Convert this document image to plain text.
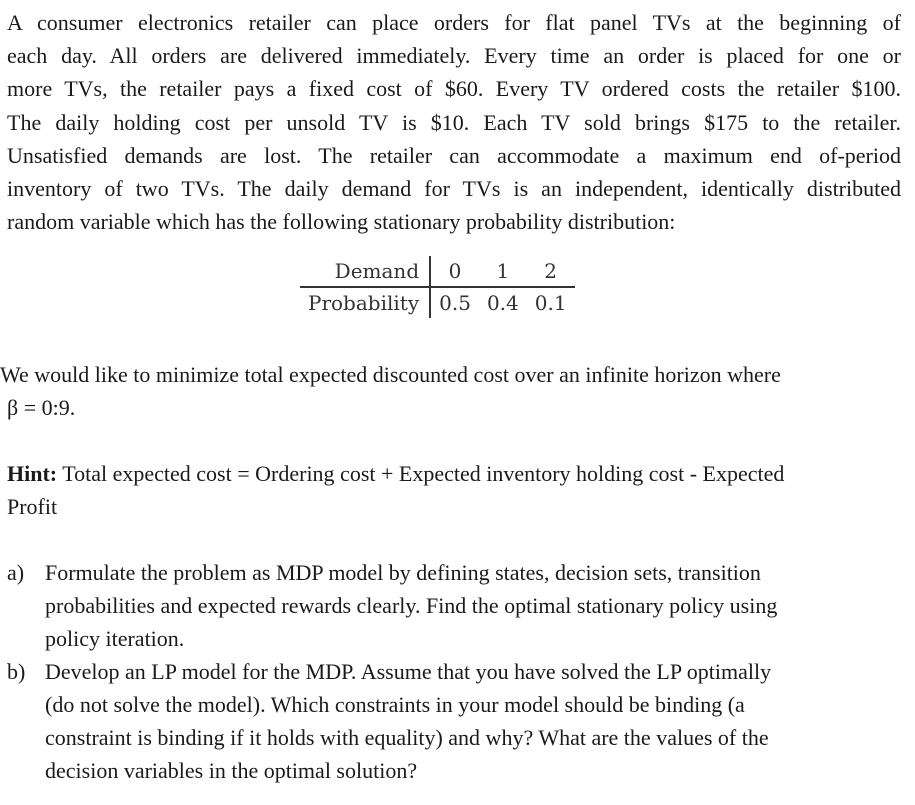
A consumer electronics retailer can place orders for flat panel TVs at the beginning of
each day. All orders are delivered immediately. Every time an order is placed for one or
more TVs, the retailer pays a fixed cost of $60. Every TV ordered costs the retailer $100.
The daily holding cost per unsold TV is $10. Each TV sold brings $175 to the retailer.
Unsatisfied demands are lost. The retailer can accommodate a maximum end of-period
inventory of two TVs. The daily demand for TVs is an independent, identically distributed
random variable which has the following stationary probability distribution:
Demand	0	1	2
Probability	0.5	0.4	0.1
We would like to minimize total expected discounted cost over an infinite horizon where
β = 0:9.
Hint: Total expected cost = Ordering cost + Expected inventory holding cost - Expected
Profit
a) Formulate the problem as MDP model by defining states, decision sets, transition
probabilities and expected rewards clearly. Find the optimal stationary policy using
policy iteration.
b) Develop an LP model for the MDP. Assume that you have solved the LP optimally
(do not solve the model). Which constraints in your model should be binding (a
constraint is binding if it holds with equality) and why? What are the values of the
decision variables in the optimal solution?
